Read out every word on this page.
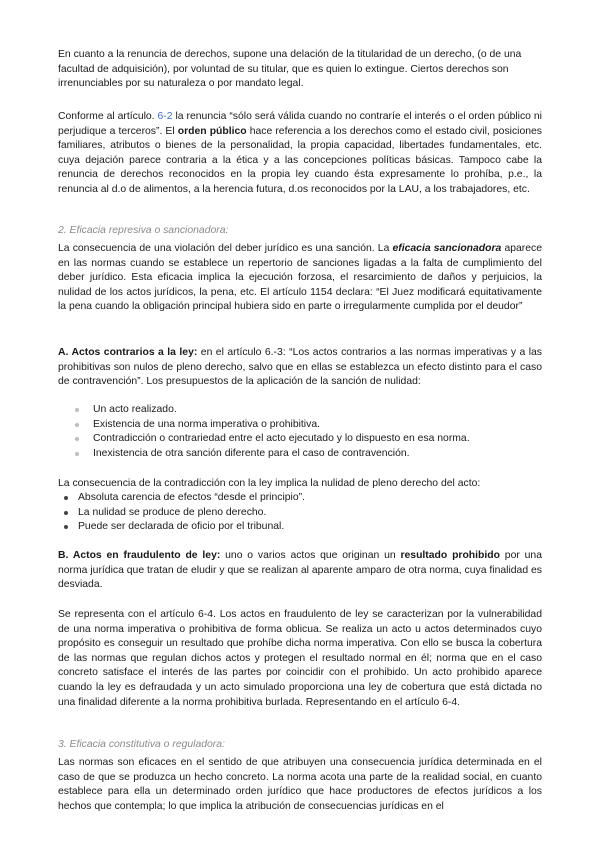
En cuanto a la renuncia de derechos, supone una delación de la titularidad de un derecho, (o de una facultad de adquisición), por voluntad de su titular, que es quien lo extingue. Ciertos derechos son irrenunciables por su naturaleza o por mandato legal.

Conforme al artículo. 6-2 la renuncia “sólo será válida cuando no contraríe el interés o el orden público ni perjudique a terceros”. El orden público hace referencia a los derechos como el estado civil, posiciones familiares, atributos o bienes de la personalidad, la propia capacidad, libertades fundamentales, etc. cuya dejación parece contraria a la ética y a las concepciones políticas básicas. Tampoco cabe la renuncia de derechos reconocidos en la propia ley cuando ésta expresamente lo prohíba, p.e., la renuncia al d.o de alimentos, a la herencia futura, d.os reconocidos por la LAU, a los trabajadores, etc.

2. Eficacia represiva o sancionadora:

La consecuencia de una violación del deber jurídico es una sanción. La eficacia sancionadora aparece en las normas cuando se establece un repertorio de sanciones ligadas a la falta de cumplimiento del deber jurídico. Esta eficacia implica la ejecución forzosa, el resarcimiento de daños y perjuicios, la nulidad de los actos jurídicos, la pena, etc. El artículo 1154 declara: “El Juez modificará equitativamente la pena cuando la obligación principal hubiera sido en parte o irregularmente cumplida por el deudor”

A. Actos contrarios a la ley: en el artículo 6.-3: “Los actos contrarios a las normas imperativas y a las prohibitivas son nulos de pleno derecho, salvo que en ellas se establezca un efecto distinto para el caso de contravención”. Los presupuestos de la aplicación de la sanción de nulidad:

Un acto realizado.
Existencia de una norma imperativa o prohibitiva.
Contradicción o contrariedad entre el acto ejecutado y lo dispuesto en esa norma.
Inexistencia de otra sanción diferente para el caso de contravención.

La consecuencia de la contradicción con la ley implica la nulidad de pleno derecho del acto:

Absoluta carencia de efectos “desde el principio”.
La nulidad se produce de pleno derecho.
Puede ser declarada de oficio por el tribunal.

B. Actos en fraudulento de ley: uno o varios actos que originan un resultado prohibido por una norma jurídica que tratan de eludir y que se realizan al aparente amparo de otra norma, cuya finalidad es desviada.

Se representa con el artículo 6-4. Los actos en fraudulento de ley se caracterizan por la vulnerabilidad de una norma imperativa o prohibitiva de forma oblicua. Se realiza un acto u actos determinados cuyo propósito es conseguir un resultado que prohíbe dicha norma imperativa. Con ello se busca la cobertura de las normas que regulan dichos actos y protegen el resultado normal en él; norma que en el caso concreto satisface el interés de las partes por coincidir con el prohibido. Un acto prohibido aparece cuando la ley es defraudada y un acto simulado proporciona una ley de cobertura que está dictada no una finalidad diferente a la norma prohibitiva burlada. Representando en el artículo 6-4.

3. Eficacia constitutiva o reguladora:

Las normas son eficaces en el sentido de que atribuyen una consecuencia jurídica determinada en el caso de que se produzca un hecho concreto. La norma acota una parte de la realidad social, en cuanto establece para ella un determinado orden jurídico que hace productores de efectos jurídicos a los hechos que contempla; lo que implica la atribución de consecuencias jurídicas en el
